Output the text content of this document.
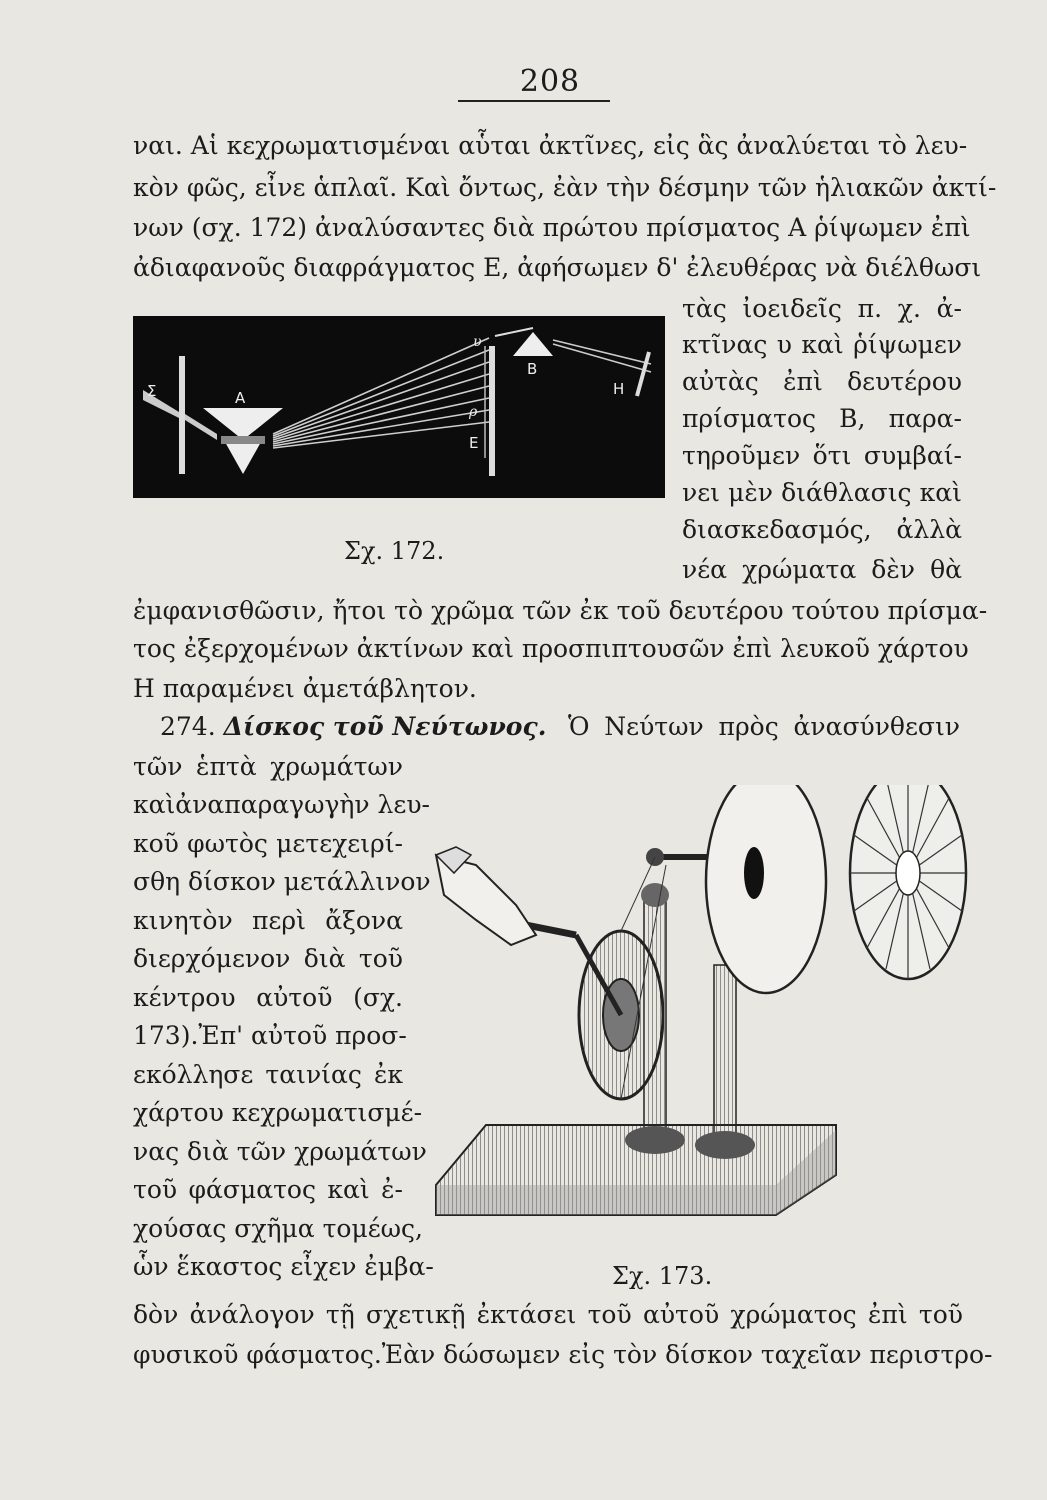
208
ναι. Αἱ κεχρωματισμέναι αὗται ἀκτῖνες, εἰς ἃς ἀναλύεται τὸ λευ-
κὸν φῶς, εἶνε ἁπλαῖ. Καὶ ὄντως, ἐὰν τὴν δέσμην τῶν ἡλιακῶν ἀκτί-
νων (σχ. 172) ἀναλύσαντες διὰ πρώτου πρίσματος Α ῥίψωμεν ἐπὶ
ἀδιαφανοῦς διαφράγματος Ε, ἀφήσωμεν δ' ἐλευθέρας νὰ διέλθωσι
τὰς ἰοειδεῖς π. χ. ἀ-
κτῖνας υ καὶ ῥίψωμεν
αὐτὰς ἐπὶ δευτέρου
πρίσματος Β, παρα-
τηροῦμεν ὅτι συμβαί-
νει μὲν διάθλασις καὶ
διασκεδασμός, ἀλλὰ
νέα χρώματα δὲν θὰ
Σ	Α
υ
ρ
Ε
Β
Η
Σχ. 172.
ἐμφανισθῶσιν, ἤτοι τὸ χρῶμα τῶν ἐκ τοῦ δευτέρου τούτου πρίσμα-
τος ἐξερχομένων ἀκτίνων καὶ προσπιπτουσῶν ἐπὶ λευκοῦ χάρτου
Η παραμένει ἀμετάβλητον.
274. Δίσκος τοῦ Νεύτωνος. Ὁ Νεύτων πρὸς ἀνασύνθεσιν
τῶν ἑπτὰ χρωμάτων
καὶἀναπαραγωγὴν λευ-
κοῦ φωτὸς μετεχειρί-
σθη δίσκον μετάλλινον
κινητὸν περὶ ἄξονα
διερχόμενον διὰ τοῦ
κέντρου αὐτοῦ (σχ.
173).Ἐπ' αὐτοῦ προσ-
εκόλλησε ταινίας ἐκ
χάρτου κεχρωματισμέ-
νας διὰ τῶν χρωμάτων
τοῦ φάσματος καὶ ἐ-
χούσας σχῆμα τομέως,
ὧν ἕκαστος εἶχεν ἐμβα-	Σχ. 173.
δὸν ἀνάλογον τῇ σχετικῇ ἐκτάσει τοῦ αὐτοῦ χρώματος ἐπὶ τοῦ
φυσικοῦ φάσματος.Ἐὰν δώσωμεν εἰς τὸν δίσκον ταχεῖαν περιστρο-
